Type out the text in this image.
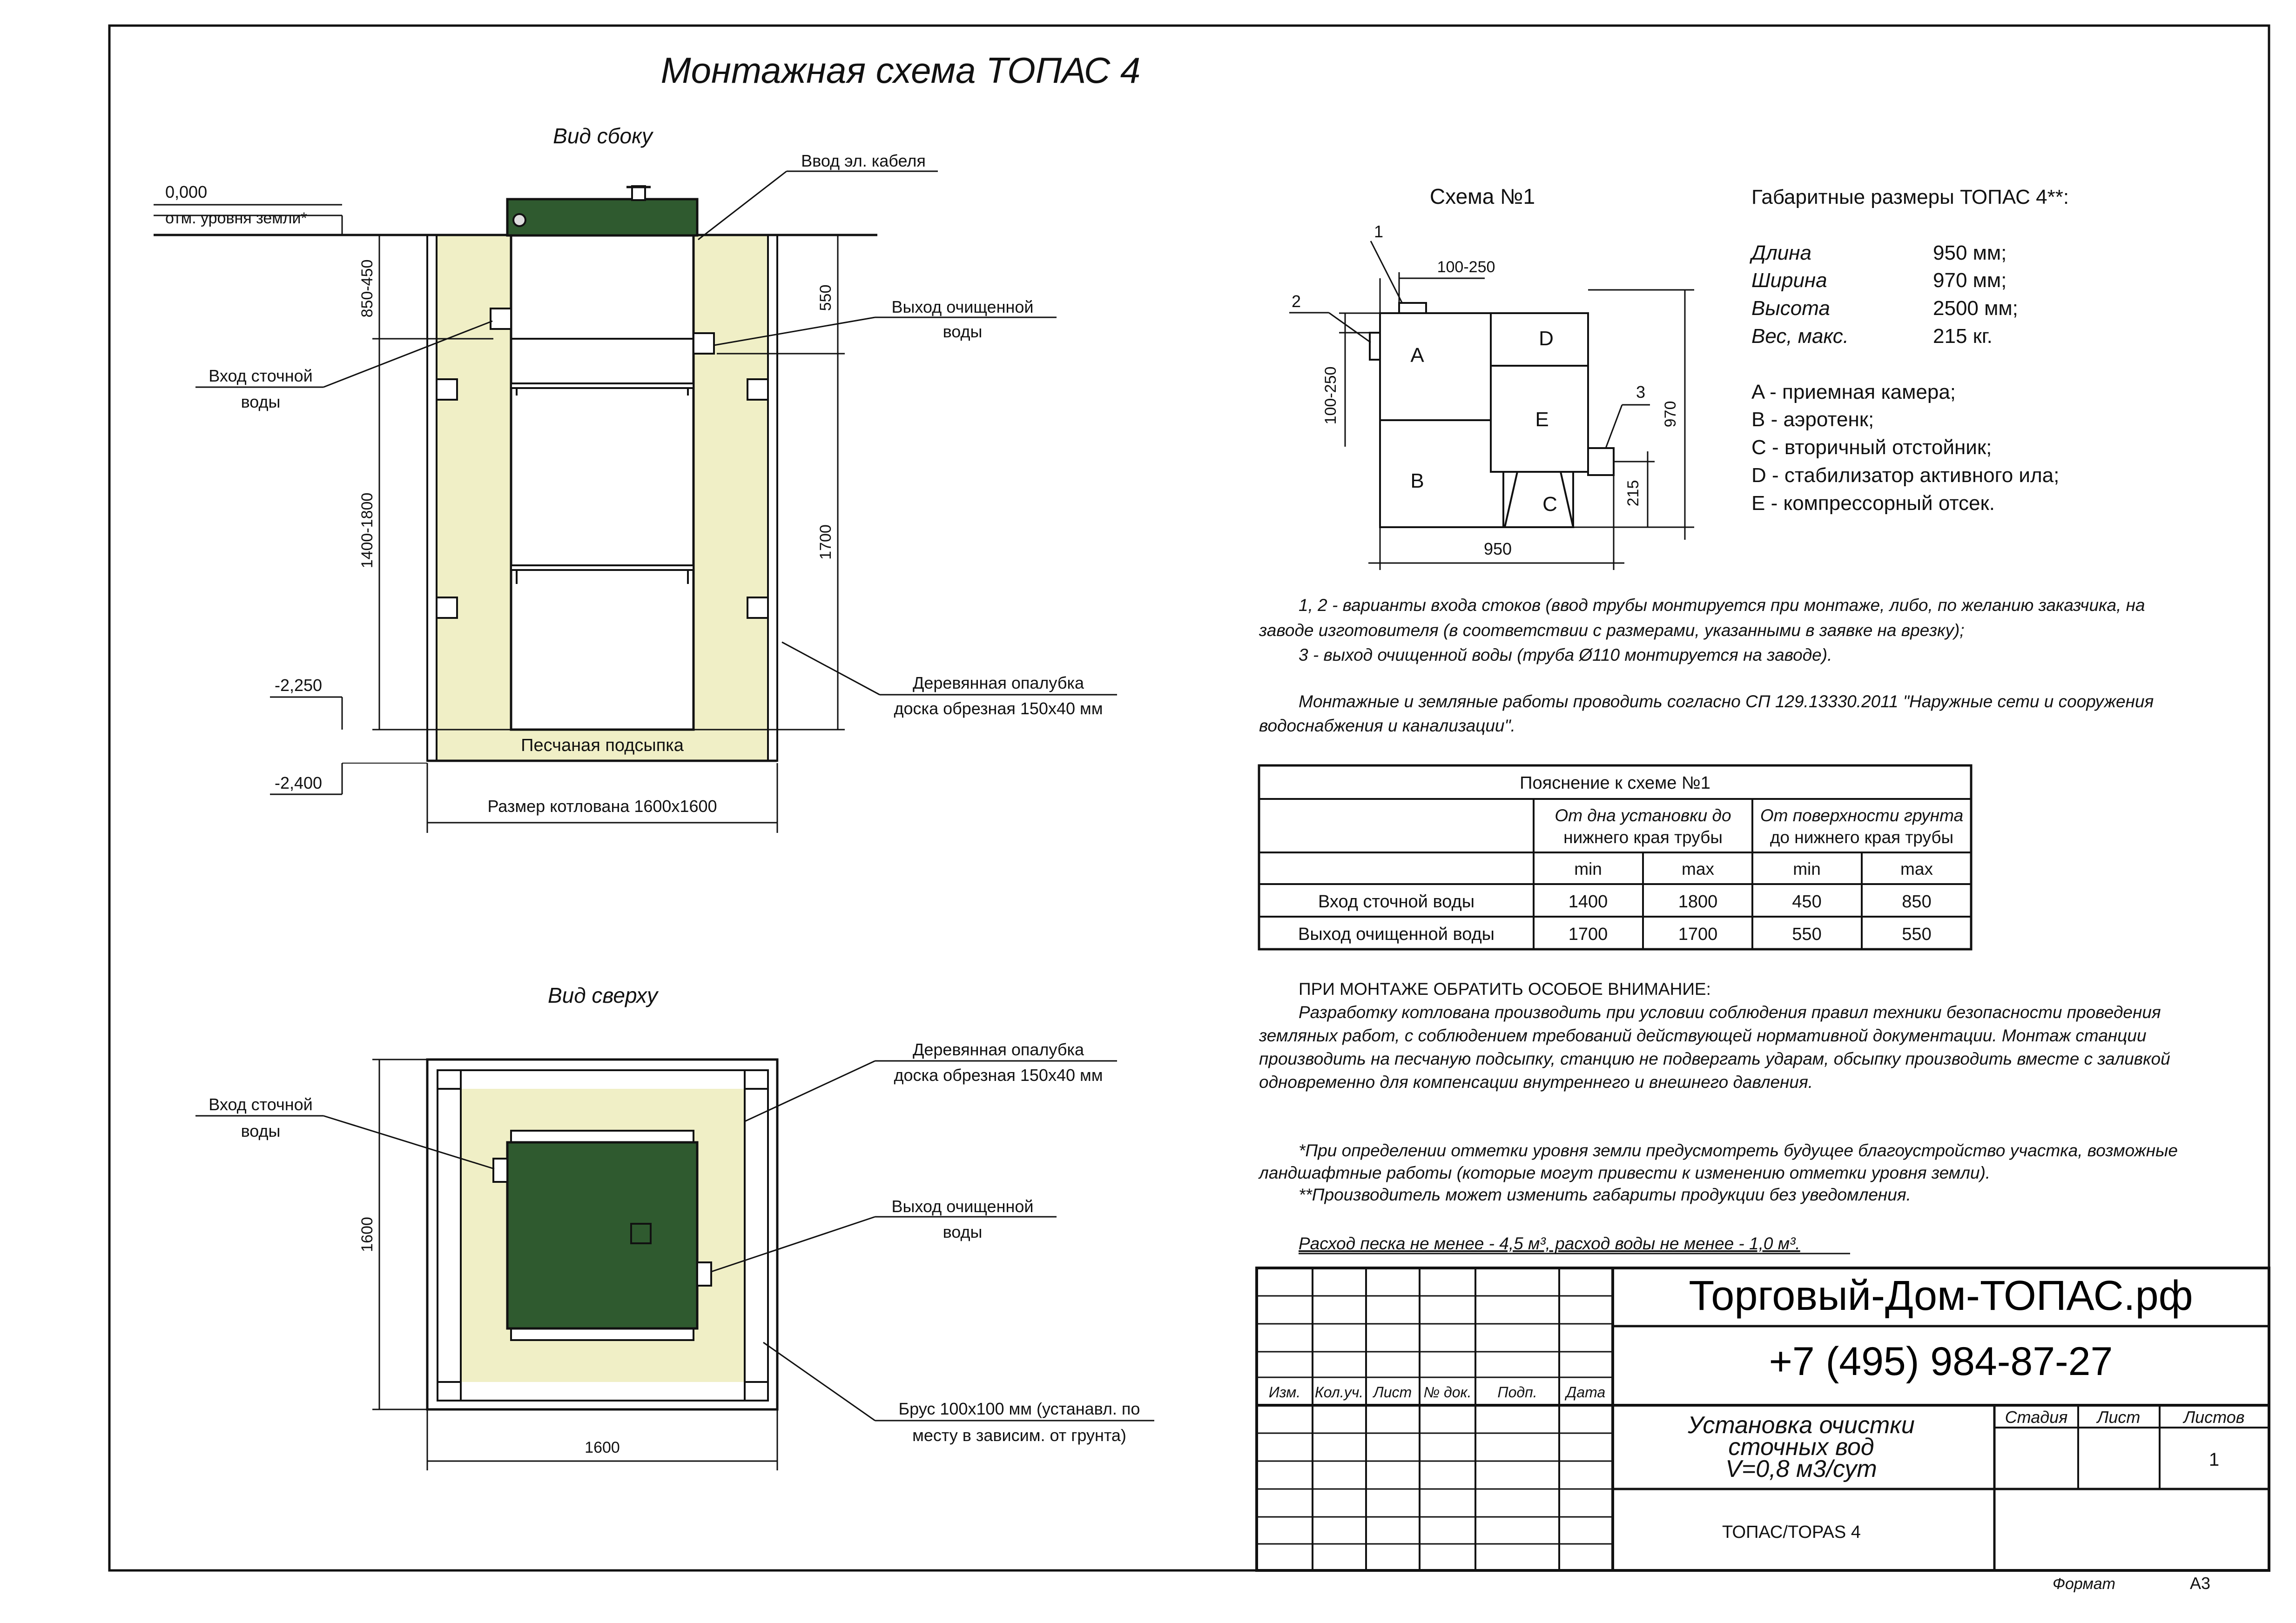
Монтажная схема ТОПАС 4
Вид сбоку
Песчаная подсыпка
0,000
отм. уровня земли*
Ввод эл. кабеля
850-450
1400-1800
550
1700
Вход сточной
воды
Выход очищенной
воды
-2,250
-2,400
Деревянная опалубка
доска обрезная 150х40 мм
Размер котлована 1600х1600
Вид сверху
Деревянная опалубка
доска обрезная 150х40 мм
Вход сточной
воды
Выход очищенной
воды
Брус 100х100 мм (устанавл. по
месту в зависим. от грунта)
1600
1600
Схема №1
A
B
C
D
E
1
2
3
100-250
100-250	970
215
950
Габаритные размеры ТОПАС 4**:
Длина	950 мм;
Ширина	970 мм;
Высота	2500 мм;
Вес, макс.	215 кг.
A - приемная камера;
B - аэротенк;
C - вторичный отстойник;
D - стабилизатор активного ила;
E - компрессорный отсек.
1, 2 - варианты входа стоков (ввод трубы монтируется при монтаже, либо, по желанию заказчика, на
заводе изготовителя (в соответствии с размерами, указанными в заявке на врезку);
3 - выход очищенной воды (труба Ø110 монтируется на заводе).
Монтажные и земляные работы проводить согласно СП 129.13330.2011 "Наружные сети и сооружения
водоснабжения и канализации".
Пояснение к схеме №1
От дна установки до
нижнего края трубы
От поверхности грунта
до нижнего края трубы
min	max	min	max
Вход сточной воды	1400	1800	450	850
Выход очищенной воды	1700	1700	550	550
ПРИ МОНТАЖЕ ОБРАТИТЬ ОСОБОЕ ВНИМАНИЕ:
Разработку котлована производить при условии соблюдения правил техники безопасности проведения
земляных работ, с соблюдением требований действующей нормативной документации. Монтаж станции
производить на песчаную подсыпку, станцию не подвергать ударам, обсыпку производить вместе с заливкой
одновременно для компенсации внутреннего и внешнего давления.
*При определении отметки уровня земли предусмотреть будущее благоустройство участка, возможные
ландшафтные работы (которые могут привести к изменению отметки уровня земли).
**Производитель может изменить габариты продукции без уведомления.
Расход песка не менее - 4,5 м³, расход воды не менее - 1,0 м³.
Изм. Кол.уч. Лист № док. Подп. Дата
Торговый-Дом-ТОПАС.рф
+7 (495) 984-87-27
Установка очистки
сточных вод
V=0,8 м3/сут
Стадия Лист	Листов
1
ТОПАС/TOPAS 4
Формат	А3
